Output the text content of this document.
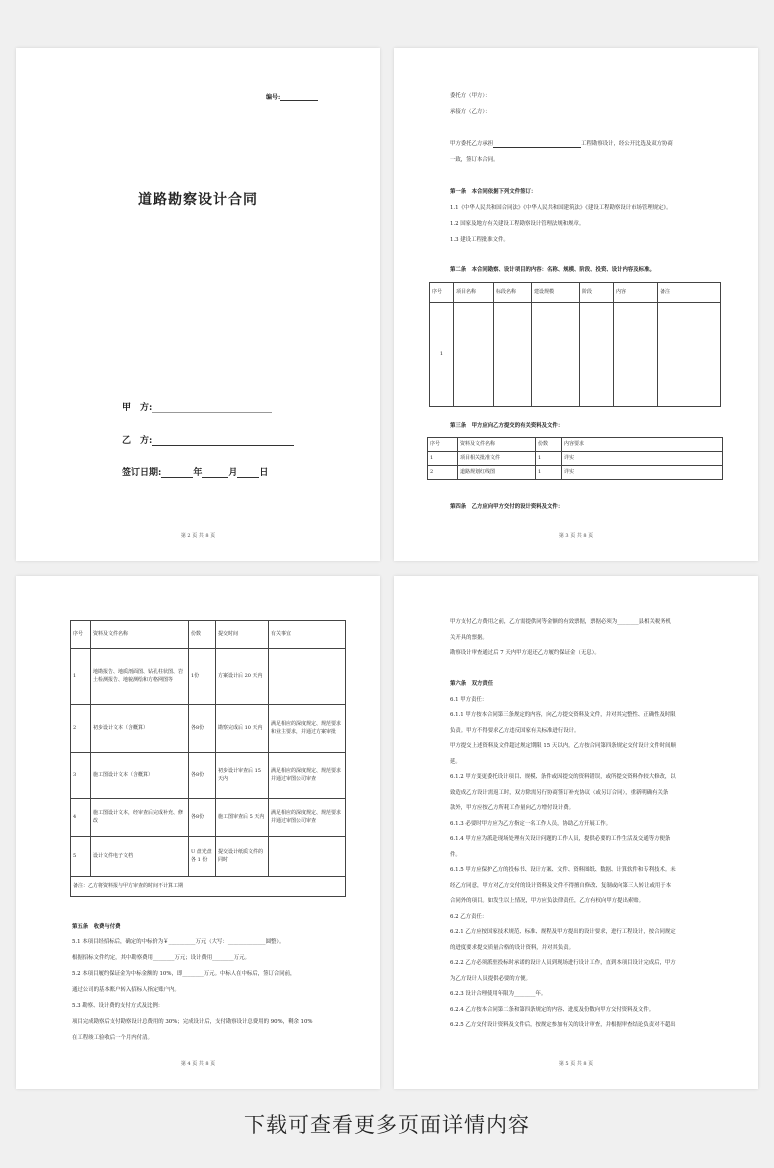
编号:
道路勘察设计合同
甲　方:
乙　方:
签订日期:	年	月 日
第 2 页 共 8 页
委托方（甲方）：
承接方（乙方）：
甲方委托乙方承担	工程勘察设计，经公开比选及双方协商
一致，签订本合同。
第一条　本合同依据下列文件签订：
1.1《中华人民共和国合同法》《中华人民共和国建筑法》《建设工程勘察设计市场管理规定》。
1.2 国家及地方有关建设工程勘察设计管理法规和规章。
1.3 建设工程批准文件。
第二条　本合同勘察、设计项目的内容：名称、规模、阶段、投资、设计内容及标准。
序号	项目名称	标段名称	建设规模	阶段	内容	备注
1						
第三条　甲方应向乙方提交的有关资料及文件：
序号	资料及文件名称	份数	内容要求
1	项目相关批准文件	1	详实
2	道路规划红线图	1	详实
第四条　乙方应向甲方交付的设计资料及文件：
第 3 页 共 8 页
序号	资料及文件名称	份数	提交时间	有关事宜
1	地勘报告、地质剖面图、钻孔柱状图、岩土检测报告、地貌测绘和方格网图等	1份	方案设计后 20 天内	
2	初步设计文本（含概算）	各8份	勘察完成后 10 天内	满足相应的深度规定、规范要求和业主要求，并通过方案审批
3	施工图设计文本（含概算）	各8份	初步设计审查后 15 天内	满足相应的深度规定、规范要求并通过审图公司审查
4	施工图设计文本，经审查后完成补充、修改	各8份	施工图审查后 5 天内	满足相应的深度规定、规范要求并通过审图公司审查
5	设计文件电子文档	U 盘光盘各 1 份	提交设计纸质文件的同时	
备注：乙方将资料报与甲方审查的时间不计算工期				
第五条　收费与付费
5.1 本项目经招标后，确定的中标价为￥__________万元（大写：______________圆整）。
根据招标文件约定，其中勘察费用________万元；设计费用________万元。
5.2 本项目履约保证金为中标金额的 10%，即________万元。中标人在中标后，签订合同前，
通过公司的基本账户转入招标人指定账户内。
5.3 勘察、设计费的支付方式及比例：
项目完成勘察后支付勘察设计总费用的 30%；完成设计后，支付勘察设计总费用的 90%，剩余 10%
在工程竣工验收后一个月内付清。
第 4 页 共 8 页
甲方支付乙方费用之前，乙方需提供同等金额的有效票据，票据必须为________县相关税务机
关开具的票据。
勘察设计审查通过后 7 天内甲方退还乙方履约保证金（无息）。
第六条　双方责任
6.1 甲方责任：
6.1.1 甲方按本合同第三条规定的内容，向乙方提交资料及文件，并对其完整性、正确性及时限
负责。甲方不得要求乙方违反国家有关标准进行设计。
甲方提交上述资料及文件超过规定期限 15 天以内，乙方按合同第四条规定交付设计文件时间顺
延。
6.1.2 甲方变更委托设计项目、规模、条件或因提交的资料错误，或所提交资料作较大修改，以
致造成乙方设计需返工时，双方除需另行协商签订补充协议（或另订合同），重新明确有关条
款外，甲方应按乙方所耗工作量向乙方增付设计费。
6.1.3 必要时甲方应为乙方指定一名工作人员，协助乙方开展工作。
6.1.4 甲方应为派赴现场处理有关设计问题的工作人员，提供必要的工作生活及交通等方便条
件。
6.1.5 甲方应保护乙方的投标书、设计方案、文件、资料图纸、数据、计算软件和专利技术。未
经乙方同意，甲方对乙方交付的设计资料及文件不得擅自修改、复制或向第三人转让或用于本
合同外的项目。如发生以上情况，甲方应负法律责任，乙方有权向甲方提出索赔。
6.2 乙方责任：
6.2.1 乙方应按国家技术规范、标准、规程及甲方提出的设计要求，进行工程设计，按合同规定
的进度要求提交质量合格的设计资料，并对其负责。
6.2.2 乙方必须派驻投标时承诺的设计人员到现场进行设计工作，直到本项目设计完成后，甲方
为乙方设计人员提供必要的方便。
6.2.3 设计合理使用年限为________年。
6.2.4 乙方按本合同第二条和第四条规定的内容、进度及份数向甲方交付资料及文件。
6.2.5 乙方交付设计资料及文件后，按规定参加有关的设计审查，并根据审查结论负责对不超出
第 5 页 共 8 页
下载可查看更多页面详情内容
